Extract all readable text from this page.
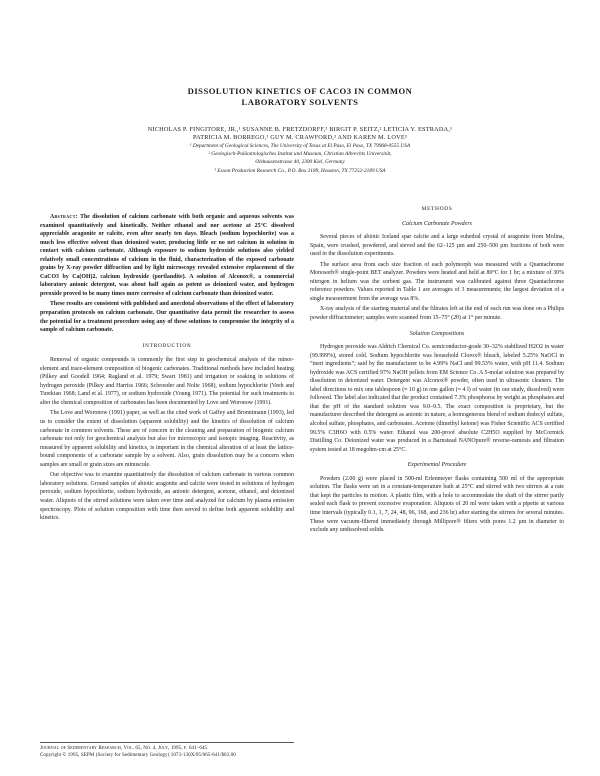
DISSOLUTION KINETICS OF CACO3 IN COMMON
LABORATORY SOLVENTS
NICHOLAS P. FINGITORE, JR.,¹ SUSANNE B. FRETZDORFF,² BIRGIT P. SEITZ,² LETICIA Y. ESTRADA,¹
PATRICIA M. BORREGO,¹ GUY M. CRAWFORD,³ AND KAREN M. LOVE³
¹ Department of Geological Sciences, The University of Texas at El Paso, El Paso, TX 79968-0555 USA
² Geologisch-Paläontologisches Institut und Museum, Christian Albrechts Universität,
Olshausenstrasse 40, 2300 Kiel, Germany
³ Exxon Production Research Co., P.O. Box 2189, Houston, TX 77252-2189 USA

Abstract: The dissolution of calcium carbonate with both organic and aqueous solvents was examined quantitatively and kinetically. Neither ethanol and nor acetone at 25°C dissolved appreciable aragonite or calcite, even after nearly ten days. Bleach (sodium hypochlorite) was a much less effective solvent than deionized water, producing little or no net calcium in solution in contact with calcium carbonate. Although exposure to sodium hydroxide solutions also yielded relatively small concentrations of calcium in the fluid, characterization of the exposed carbonate grains by X-ray powder diffraction and by light microscopy revealed extensive replacement of the CaCO3 by Ca(OH)2, calcium hydroxide (portlandite). A solution of Alconox®, a commercial laboratory anionic detergent, was about half again as potent as deionized water, and hydrogen peroxide proved to be many times more corrosive of calcium carbonate than deionized water.

These results are consistent with published and anecdotal observations of the effect of laboratory preparation protocols on calcium carbonate. Our quantitative data permit the researcher to assess the potential for a treatment procedure using any of these solutions to compromise the integrity of a sample of calcium carbonate.

INTRODUCTION

Removal of organic compounds is commonly the first step in geochemical analysis of the minor-element and trace-element composition of biogenic carbonates. Traditional methods have included heating (Pilkey and Goodell 1964; Ragland et al. 1979; Swart 1981) and irrigation or soaking in solutions of hydrogen peroxide (Pilkey and Harriss 1966; Schroeder and Nolte 1968), sodium hypochlorite (Veeh and Turekian 1968; Land et al. 1977), or sodium hydroxide (Young 1971). The potential for such treatments to alter the chemical composition of carbonates has been documented by Love and Woronow (1991).

The Love and Woronow (1991) paper, as well as the cited work of Gaffey and Bronnimann (1993), led us to consider the extent of dissolution (apparent solubility) and the kinetics of dissolution of calcium carbonate in common solvents. These are of concern in the cleaning and preparation of biogenic calcium carbonate not only for geochemical analysis but also for microscopic and isotopic imaging. Reactivity, as measured by apparent solubility and kinetics, is important in the chemical alteration of at least the lattice-bound components of a carbonate sample by a solvent. Also, grain dissolution may be a concern when samples are small or grain sizes are minuscule.

Our objective was to examine quantitatively the dissolution of calcium carbonate in various common laboratory solutions. Ground samples of abiotic aragonite and calcite were tested in solutions of hydrogen peroxide, sodium hypochlorite, sodium hydroxide, an anionic detergent, acetone, ethanol, and deionized water. Aliquots of the stirred solutions were taken over time and analyzed for calcium by plasma emission spectroscopy. Plots of solution composition with time then served to define both apparent solubility and kinetics.

METHODS
Calcium Carbonate Powders

Several pieces of abiotic Iceland spar calcite and a large euhedral crystal of aragonite from Molina, Spain, were crushed, powdered, and sieved and the 62–125 µm and 250–500 µm fractions of both were used in the dissolution experiments.

The surface area from each size fraction of each polymorph was measured with a Quantachrome Monosorb® single-point BET analyzer. Powders were heated and held at 80°C for 1 hr; a mixture of 30% nitrogen in helium was the sorbent gas. The instrument was calibrated against three Quantachrome reference powders. Values reported in Table 1 are averages of 3 measurements; the largest deviation of a single measurement from the average was 8%.

X-ray analysis of the starting material and the filtrates left at the end of each run was done on a Philips powder diffractometer; samples were scanned from 15–75° (2θ) at 1° per minute.

Solution Compositions

Hydrogen peroxide was Aldrich Chemical Co. semiconductor-grade 30–32% stabilized H2O2 in water (99.999%), stored cold. Sodium hypochlorite was household Clorox® bleach, labeled 5.25% NaOCl in “inert ingredients”; said by the manufacturer to be 4.99% NaCl and 99.53% water, with pH 11.4. Sodium hydroxide was ACS certified 97% NaOH pellets from EM Science Co. A 5-molar solution was prepared by dissolution in deionized water. Detergent was Alconox® powder, often used in ultrasonic cleaners. The label directions to mix one tablespoon (≈ 10 g) in one gallon (≈ 4 l) of water (in our study, dissolved) were followed. The label also indicated that the product contained 7.3% phosphorus by weight as phosphates and that the pH of the standard solution was 9.0–9.5. The exact composition is proprietary, but the manufacturer described the detergent as anionic in nature, a homogeneous blend of sodium dodecyl sulfate, alcohol sulfate, phosphates, and carbonates. Acetone (dimethyl ketone) was Fisher Scientific ACS certified 99.5% C3H6O with 0.5% water. Ethanol was 200-proof absolute C2H5O supplied by McCormick Distilling Co. Deionized water was produced in a Barnstead NANOpure® reverse-osmosis and filtration system tested at 18 megohm-cm at 25°C.

Experimental Procedure

Powders (2.00 g) were placed in 500-ml Erlenmeyer flasks containing 500 ml of the appropriate solution. The flasks were set in a constant-temperature bath at 25°C and stirred with two stirrers at a rate that kept the particles in motion. A plastic film, with a hole to accommodate the shaft of the stirrer partly sealed each flask to prevent excessive evaporation. Aliquots of 20 ml were taken with a pipette at various time intervals (typically 0.1, 1, 7, 24, 48, 96, 168, and 236 hr) after starting the stirrers for several minutes. These were vacuum-filtered immediately through Millipore® filters with pores 1.2 µm in diameter to exclude any undissolved solids.

Journal of Sedimentary Research, Vol. 65, No. 4, July, 1995, p. 641–645
Copyright © 1995, SEPM (Society for Sedimentary Geology) 1073-130X/95/065-641/$03.00
